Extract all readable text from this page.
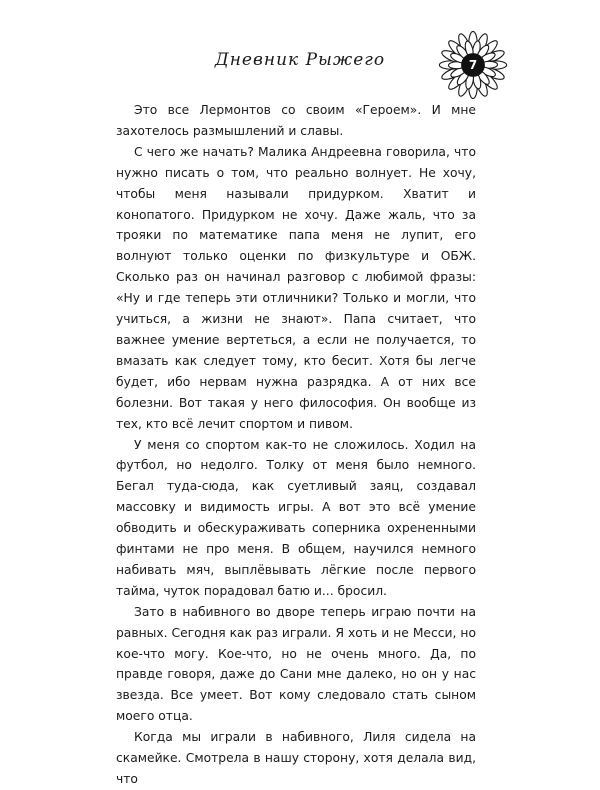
Дневник Рыжего	7

Это все Лермонтов со своим «Героем». И мне захотелось размышлений и славы.

С чего же начать? Малика Андреевна говорила, что нужно писать о том, что реально волнует. Не хочу, чтобы меня называли придурком. Хватит и конопатого. Придурком не хочу. Даже жаль, что за трояки по математике папа меня не лупит, его волнуют только оценки по физкультуре и ОБЖ. Сколько раз он начинал разговор с любимой фразы: «Ну и где теперь эти отличники? Только и могли, что учиться, а жизни не знают». Папа считает, что важнее умение вертеться, а если не получается, то вмазать как следует тому, кто бесит. Хотя бы легче будет, ибо нервам нужна разрядка. А от них все болезни. Вот такая у него философия. Он вообще из тех, кто всё лечит спортом и пивом.

У меня со спортом как-то не сложилось. Ходил на футбол, но недолго. Толку от меня было немного. Бегал туда-сюда, как суетливый заяц, создавал массовку и видимость игры. А вот это всё умение обводить и обескураживать соперника охрененными финтами не про меня. В общем, научился немного набивать мяч, выплёвывать лёгкие после первого тайма, чуток порадовал батю и... бросил.

Зато в набивного во дворе теперь играю почти на равных. Сегодня как раз играли. Я хоть и не Месси, но кое-что могу. Кое-что, но не очень много. Да, по правде говоря, даже до Сани мне далеко, но он у нас звезда. Все умеет. Вот кому следовало стать сыном моего отца.

Когда мы играли в набивного, Лиля сидела на скамейке. Смотрела в нашу сторону, хотя делала вид, что
